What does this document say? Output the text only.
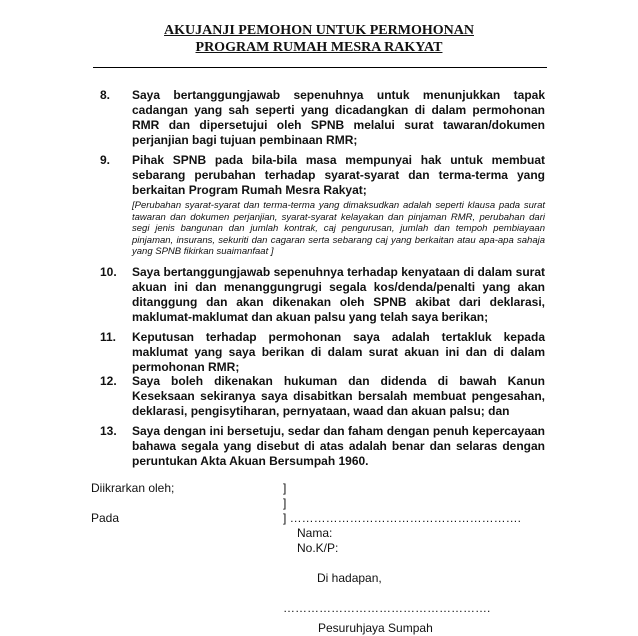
AKUJANJI PEMOHON UNTUK PERMOHONAN
PROGRAM RUMAH MESRA RAKYAT
8. Saya bertanggungjawab sepenuhnya untuk menunjukkan tapak cadangan yang sah seperti yang dicadangkan di dalam permohonan RMR dan dipersetujui oleh SPNB melalui surat tawaran/dokumen perjanjian bagi tujuan pembinaan RMR;

9. Pihak SPNB pada bila-bila masa mempunyai hak untuk membuat sebarang perubahan terhadap syarat-syarat dan terma-terma yang berkaitan Program Rumah Mesra Rakyat;

[Perubahan syarat-syarat dan terma-terma yang dimaksudkan adalah seperti klausa pada surat tawaran dan dokumen perjanjian, syarat-syarat kelayakan dan pinjaman RMR, perubahan dari segi jenis bangunan dan jumlah kontrak, caj pengurusan, jumlah dan tempoh pembiayaan pinjaman, insurans, sekuriti dan cagaran serta sebarang caj yang berkaitan atau apa-apa sahaja yang SPNB fikirkan suaimanfaat ]

10. Saya bertanggungjawab sepenuhnya terhadap kenyataan di dalam surat akuan ini dan menanggungrugi segala kos/denda/penalti yang akan ditanggung dan akan dikenakan oleh SPNB akibat dari deklarasi, maklumat-maklumat dan akuan palsu yang telah saya berikan;

11. Keputusan terhadap permohonan saya adalah tertakluk kepada maklumat yang saya berikan di dalam surat akuan ini dan di dalam permohonan RMR;

12. Saya boleh dikenakan hukuman dan didenda di bawah Kanun Keseksaan sekiranya saya disabitkan bersalah membuat pengesahan, deklarasi, pengisytiharan, pernyataan, waad dan akuan palsu; dan

13. Saya dengan ini bersetuju, sedar dan faham dengan penuh kepercayaan bahawa segala yang disebut di atas adalah benar dan selaras dengan peruntukan Akta Akuan Bersumpah 1960.

Diikrarkan oleh;	]
]
Pada	] ………………………………………………….
Nama:
No.K/P:
Di hadapan,
…………………………………………….
Pesuruhjaya Sumpah
